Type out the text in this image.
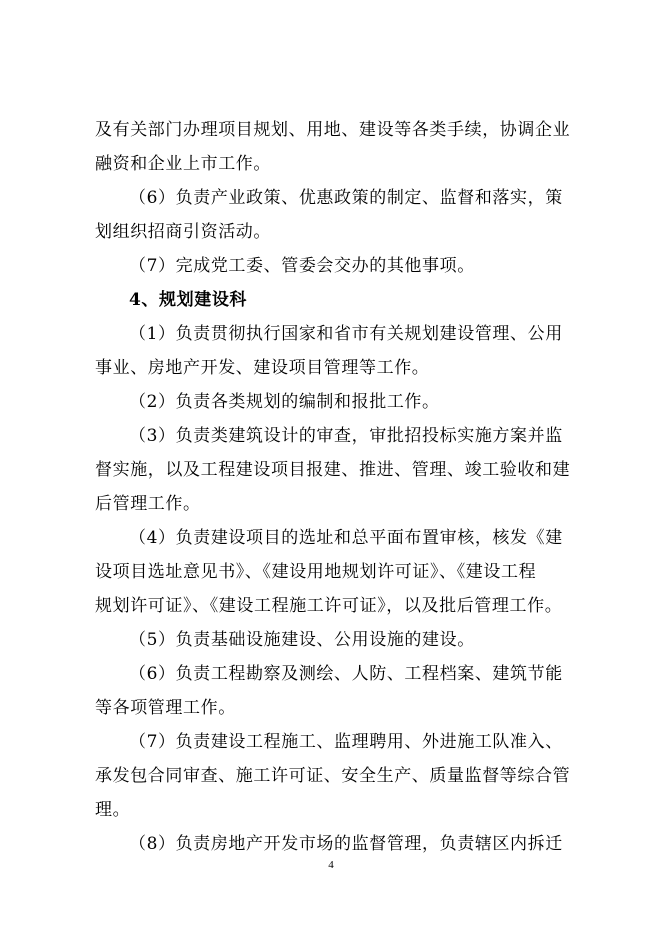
及有关部门办理项目规划、用地、建设等各类手续，协调企业
融资和企业上市工作。
（6）负责产业政策、优惠政策的制定、监督和落实，策
划组织招商引资活动。
（7）完成党工委、管委会交办的其他事项。
4、规划建设科
（1）负责贯彻执行国家和省市有关规划建设管理、公用
事业、房地产开发、建设项目管理等工作。
（2）负责各类规划的编制和报批工作。
（3）负责类建筑设计的审查，审批招投标实施方案并监
督实施，以及工程建设项目报建、推进、管理、竣工验收和建
后管理工作。
（4）负责建设项目的选址和总平面布置审核，核发《建
设项目选址意见书》、《建设用地规划许可证》、《建设工程
规划许可证》、《建设工程施工许可证》，以及批后管理工作。
（5）负责基础设施建设、公用设施的建设。
（6）负责工程勘察及测绘、人防、工程档案、建筑节能
等各项管理工作。
（7）负责建设工程施工、监理聘用、外进施工队准入、
承发包合同审查、施工许可证、安全生产、质量监督等综合管
理。
（8）负责房地产开发市场的监督管理，负责辖区内拆迁
4
